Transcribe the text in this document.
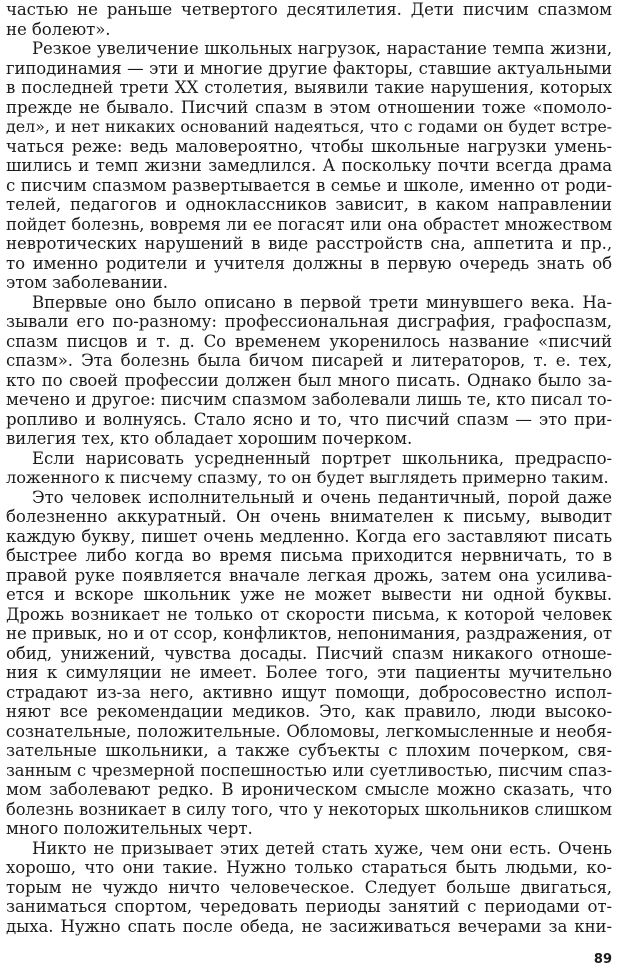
частью не раньше четвертого десятилетия. Дети писчим спазмом
не болеют».
Резкое увеличение школьных нагрузок, нарастание темпа жизни,
гиподинамия — эти и многие другие факторы, ставшие актуальными
в последней трети XX столетия, выявили такие нарушения, которых
прежде не бывало. Писчий спазм в этом отношении тоже «помоло-
дел», и нет никаких оснований надеяться, что с годами он будет встре-
чаться реже: ведь маловероятно, чтобы школьные нагрузки умень-
шились и темп жизни замедлился. А поскольку почти всегда драма
с писчим спазмом развертывается в семье и школе, именно от роди-
телей, педагогов и одноклассников зависит, в каком направлении
пойдет болезнь, вовремя ли ее погасят или она обрастет множеством
невротических нарушений в виде расстройств сна, аппетита и пр.,
то именно родители и учителя должны в первую очередь знать об
этом заболевании.
Впервые оно было описано в первой трети минувшего века. На-
зывали его по-разному: профессиональная дисграфия, графоспазм,
спазм писцов и т. д. Со временем укоренилось название «писчий
спазм». Эта болезнь была бичом писарей и литераторов, т. е. тех,
кто по своей профессии должен был много писать. Однако было за-
мечено и другое: писчим спазмом заболевали лишь те, кто писал то-
ропливо и волнуясь. Стало ясно и то, что писчий спазм — это при-
вилегия тех, кто обладает хорошим почерком.
Если нарисовать усредненный портрет школьника, предраспо-
ложенного к писчему спазму, то он будет выглядеть примерно таким.
Это человек исполнительный и очень педантичный, порой даже
болезненно аккуратный. Он очень внимателен к письму, выводит
каждую букву, пишет очень медленно. Когда его заставляют писать
быстрее либо когда во время письма приходится нервничать, то в
правой руке появляется вначале легкая дрожь, затем она усилива-
ется и вскоре школьник уже не может вывести ни одной буквы.
Дрожь возникает не только от скорости письма, к которой человек
не привык, но и от ссор, конфликтов, непонимания, раздражения, от
обид, унижений, чувства досады. Писчий спазм никакого отноше-
ния к симуляции не имеет. Более того, эти пациенты мучительно
страдают из-за него, активно ищут помощи, добросовестно испол-
няют все рекомендации медиков. Это, как правило, люди высоко-
сознательные, положительные. Обломовы, легкомысленные и необя-
зательные школьники, а также субъекты с плохим почерком, свя-
занным с чрезмерной поспешностью или суетливостью, писчим спаз-
мом заболевают редко. В ироническом смысле можно сказать, что
болезнь возникает в силу того, что у некоторых школьников слишком
много положительных черт.
Никто не призывает этих детей стать хуже, чем они есть. Очень
хорошо, что они такие. Нужно только стараться быть людьми, ко-
торым не чуждо ничто человеческое. Следует больше двигаться,
заниматься спортом, чередовать периоды занятий с периодами от-
дыха. Нужно спать после обеда, не засиживаться вечерами за кни-
89
